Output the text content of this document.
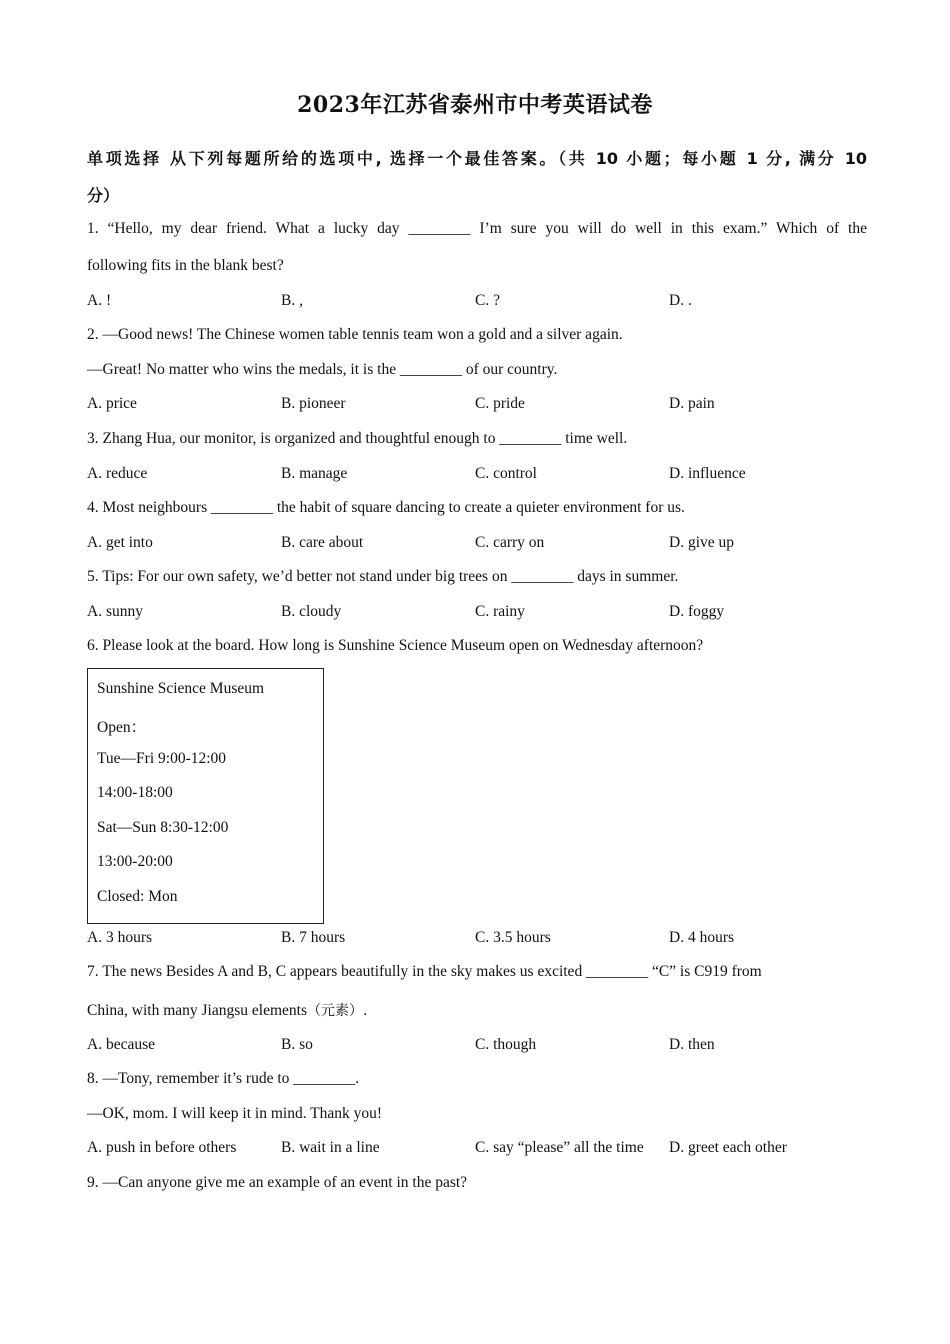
2023年江苏省泰州市中考英语试卷
单项选择 从下列每题所给的选项中, 选择一个最佳答案。（共 10 小题；每小题 1 分, 满分 10
分）
1. “Hello, my dear friend. What a lucky day ________ I’m sure you will do well in this exam.” Which of the
following fits in the blank best?
A. !	B. ,	C. ?	D. .
2. —Good news! The Chinese women table tennis team won a gold and a silver again.
—Great! No matter who wins the medals, it is the ________ of our country.
A. price	B. pioneer	C. pride	D. pain
3. Zhang Hua, our monitor, is organized and thoughtful enough to ________ time well.
A. reduce	B. manage	C. control	D. influence
4. Most neighbours ________ the habit of square dancing to create a quieter environment for us.
A. get into	B. care about	C. carry on	D. give up
5. Tips: For our own safety, we’d better not stand under big trees on ________ days in summer.
A. sunny	B. cloudy	C. rainy	D. foggy
6. Please look at the board. How long is Sunshine Science Museum open on Wednesday afternoon?
Sunshine Science Museum
Open：
Tue—Fri 9:00-12:00
14:00-18:00
Sat—Sun 8:30-12:00
13:00-20:00
Closed: Mon
A. 3 hours	B. 7 hours	C. 3.5 hours	D. 4 hours
7. The news Besides A and B, C appears beautifully in the sky makes us excited ________ “C” is C919 from
China, with many Jiangsu elements（元素）.
A. because	B. so	C. though	D. then
8. —Tony, remember it’s rude to ________.
—OK, mom. I will keep it in mind. Thank you!
A. push in before others	B. wait in a line	C. say “please” all the time D. greet each other
9. —Can anyone give me an example of an event in the past?
